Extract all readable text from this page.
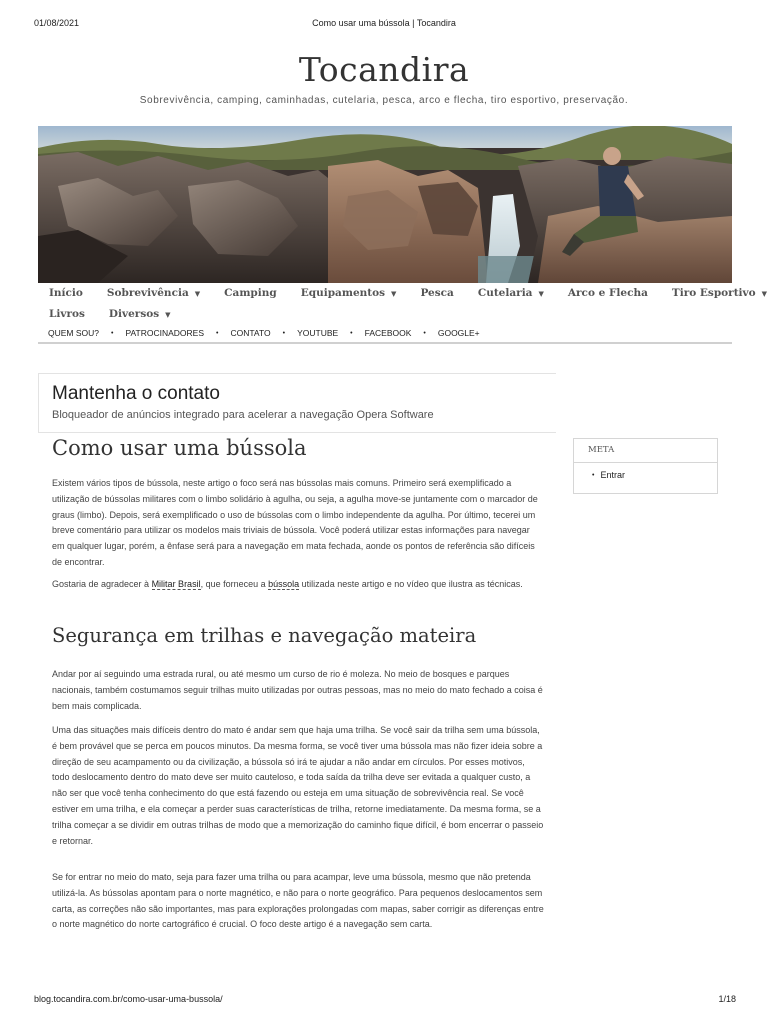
01/08/2021	Como usar uma bússola | Tocandira
Tocandira
Sobrevivência, camping, caminhadas, cutelaria, pesca, arco e flecha, tiro esportivo, preservação.
Início Sobrevivência ▼ Camping Equipamentos ▼ Pesca Cutelaria ▼ Arco e Flecha Tiro Esportivo ▼
Livros Diversos ▼
QUEM SOU? • PATROCINADORES • CONTATO • YOUTUBE • FACEBOOK • GOOGLE+
Mantenha o contato

Bloqueador de anúncios integrado para acelerar a navegação Opera Software

Como usar uma bússola

Existem vários tipos de bússola, neste artigo o foco será nas bússolas mais comuns. Primeiro será exemplificado a utilização de bússolas militares com o limbo solidário à agulha, ou seja, a agulha move-se juntamente com o marcador de graus (limbo). Depois, será exemplificado o uso de bússolas com o limbo independente da agulha. Por último, tecerei um breve comentário para utilizar os modelos mais triviais de bússola. Você poderá utilizar estas informações para navegar em qualquer lugar, porém, a ênfase será para a navegação em mata fechada, aonde os pontos de referência são difíceis de encontrar.

Gostaria de agradecer à Militar Brasil, que forneceu a bússola utilizada neste artigo e no vídeo que ilustra as técnicas.

Segurança em trilhas e navegação mateira

Andar por aí seguindo uma estrada rural, ou até mesmo um curso de rio é moleza. No meio de bosques e parques nacionais, também costumamos seguir trilhas muito utilizadas por outras pessoas, mas no meio do mato fechado a coisa é bem mais complicada.

Uma das situações mais difíceis dentro do mato é andar sem que haja uma trilha. Se você sair da trilha sem uma bússola, é bem provável que se perca em poucos minutos. Da mesma forma, se você tiver uma bússola mas não fizer ideia sobre a direção de seu acampamento ou da civilização, a bússola só irá te ajudar a não andar em círculos. Por esses motivos, todo deslocamento dentro do mato deve ser muito cauteloso, e toda saída da trilha deve ser evitada a qualquer custo, a não ser que você tenha conhecimento do que está fazendo ou esteja em uma situação de sobrevivência real. Se você estiver em uma trilha, e ela começar a perder suas características de trilha, retorne imediatamente. Da mesma forma, se a trilha começar a se dividir em outras trilhas de modo que a memorização do caminho fique difícil, é bom encerrar o passeio e retornar.

Se for entrar no meio do mato, seja para fazer uma trilha ou para acampar, leve uma bússola, mesmo que não pretenda utilizá-la. As bússolas apontam para o norte magnético, e não para o norte geográfico. Para pequenos deslocamentos sem carta, as correções não são importantes, mas para explorações prolongadas com mapas, saber corrigir as diferenças entre o norte magnético do norte cartográfico é crucial. O foco deste artigo é a navegação sem carta.

META
• Entrar
blog.tocandira.com.br/como-usar-uma-bussola/	1/18
